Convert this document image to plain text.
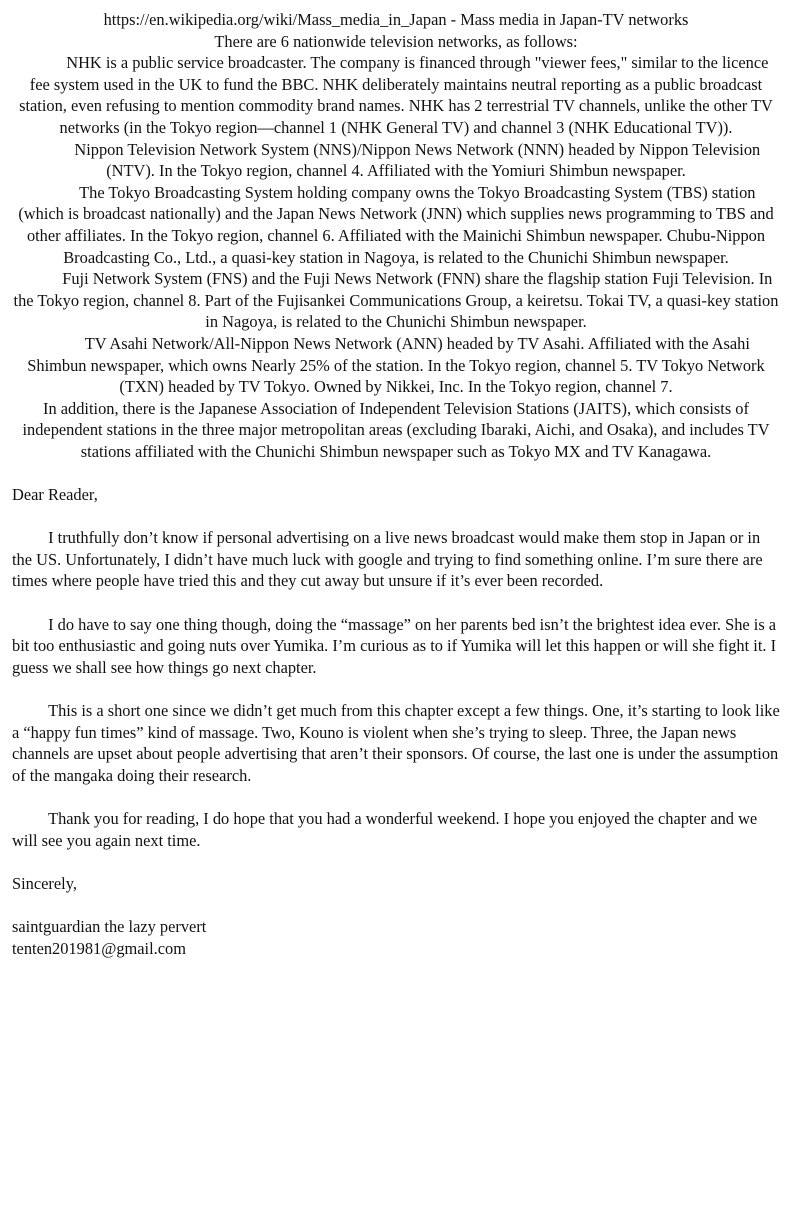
https://en.wikipedia.org/wiki/Mass_media_in_Japan - Mass media in Japan-TV networks

There are 6 nationwide television networks, as follows:

NHK is a public service broadcaster. The company is financed through "viewer fees," similar to the licence fee system used in the UK to fund the BBC. NHK deliberately maintains neutral reporting as a public broadcast station, even refusing to mention commodity brand names. NHK has 2 terrestrial TV channels, unlike the other TV networks (in the Tokyo region—channel 1 (NHK General TV) and channel 3 (NHK Educational TV)).

Nippon Television Network System (NNS)/Nippon News Network (NNN) headed by Nippon Television (NTV). In the Tokyo region, channel 4. Affiliated with the Yomiuri Shimbun newspaper.

The Tokyo Broadcasting System holding company owns the Tokyo Broadcasting System (TBS) station (which is broadcast nationally) and the Japan News Network (JNN) which supplies news programming to TBS and other affiliates. In the Tokyo region, channel 6. Affiliated with the Mainichi Shimbun newspaper. Chubu-Nippon Broadcasting Co., Ltd., a quasi-key station in Nagoya, is related to the Chunichi Shimbun newspaper.

Fuji Network System (FNS) and the Fuji News Network (FNN) share the flagship station Fuji Television. In the Tokyo region, channel 8. Part of the Fujisankei Communications Group, a keiretsu. Tokai TV, a quasi-key station in Nagoya, is related to the Chunichi Shimbun newspaper.

TV Asahi Network/All-Nippon News Network (ANN) headed by TV Asahi. Affiliated with the Asahi Shimbun newspaper, which owns Nearly 25% of the station. In the Tokyo region, channel 5. TV Tokyo Network (TXN) headed by TV Tokyo. Owned by Nikkei, Inc. In the Tokyo region, channel 7.

In addition, there is the Japanese Association of Independent Television Stations (JAITS), which consists of independent stations in the three major metropolitan areas (excluding Ibaraki, Aichi, and Osaka), and includes TV stations affiliated with the Chunichi Shimbun newspaper such as Tokyo MX and TV Kanagawa.

Dear Reader,

I truthfully don’t know if personal advertising on a live news broadcast would make them stop in Japan or in the US. Unfortunately, I didn’t have much luck with google and trying to find something online. I’m sure there are times where people have tried this and they cut away but unsure if it’s ever been recorded.

I do have to say one thing though, doing the “massage” on her parents bed isn’t the brightest idea ever. She is a bit too enthusiastic and going nuts over Yumika. I’m curious as to if Yumika will let this happen or will she fight it. I guess we shall see how things go next chapter.

This is a short one since we didn’t get much from this chapter except a few things. One, it’s starting to look like a “happy fun times” kind of massage. Two, Kouno is violent when she’s trying to sleep. Three, the Japan news channels are upset about people advertising that aren’t their sponsors. Of course, the last one is under the assumption of the mangaka doing their research.

Thank you for reading, I do hope that you had a wonderful weekend. I hope you enjoyed the chapter and we will see you again next time.

Sincerely,

saintguardian the lazy pervert

tenten201981@gmail.com
